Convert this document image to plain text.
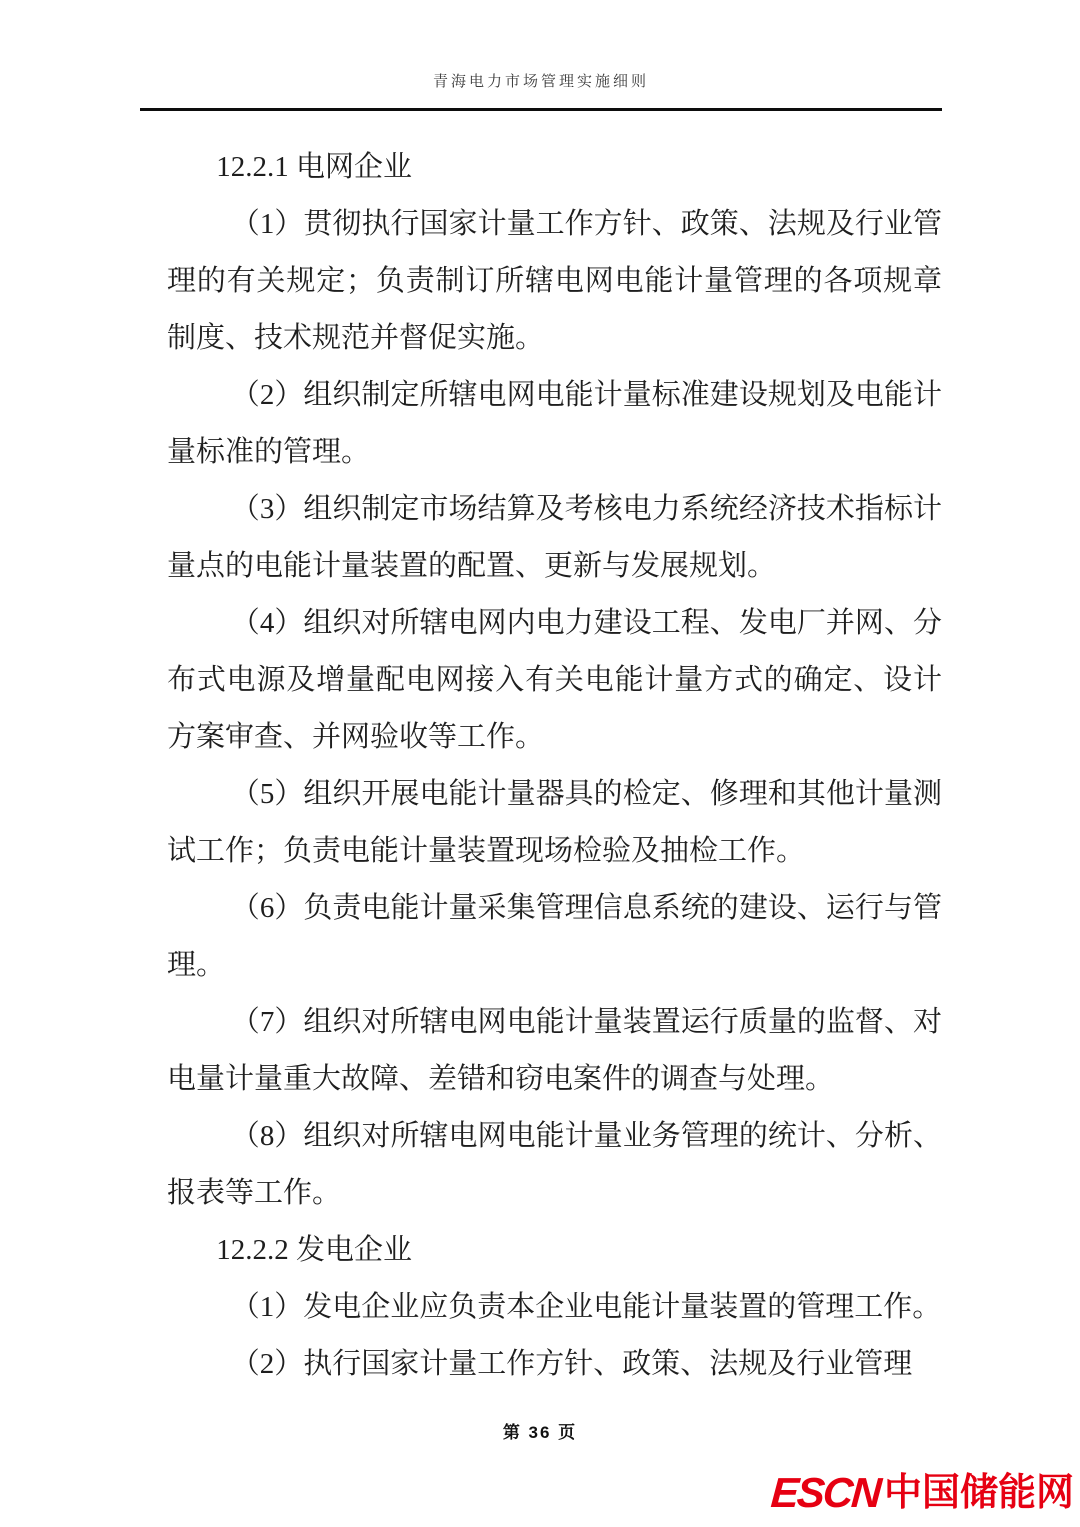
青海电力市场管理实施细则
12.2.1 电网企业

（1）贯彻执行国家计量工作方针、政策、法规及行业管理的有关规定；负责制订所辖电网电能计量管理的各项规章制度、技术规范并督促实施。

（2）组织制定所辖电网电能计量标准建设规划及电能计量标准的管理。

（3）组织制定市场结算及考核电力系统经济技术指标计量点的电能计量装置的配置、更新与发展规划。

（4）组织对所辖电网内电力建设工程、发电厂并网、分布式电源及增量配电网接入有关电能计量方式的确定、设计方案审查、并网验收等工作。

（5）组织开展电能计量器具的检定、修理和其他计量测试工作；负责电能计量装置现场检验及抽检工作。

（6）负责电能计量采集管理信息系统的建设、运行与管理。

（7）组织对所辖电网电能计量装置运行质量的监督、对电量计量重大故障、差错和窃电案件的调查与处理。

（8）组织对所辖电网电能计量业务管理的统计、分析、报表等工作。

12.2.2 发电企业

（1）发电企业应负责本企业电能计量装置的管理工作。

（2）执行国家计量工作方针、政策、法规及行业管理

第 36 页
ESCN中国储能网
